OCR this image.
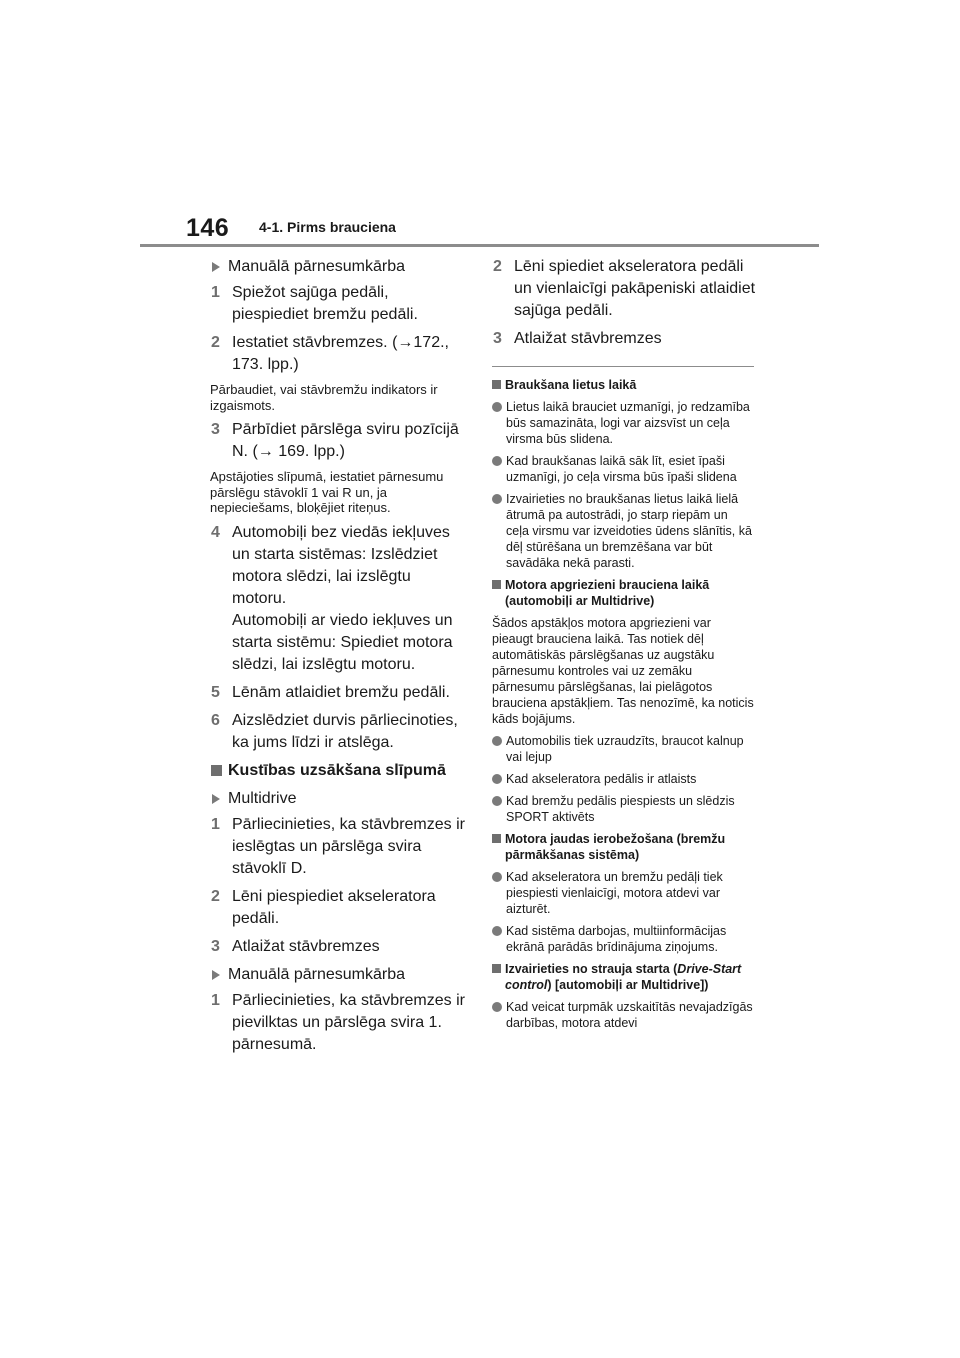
146 4-1. Pirms brauciena
Manuālā pārnesumkārba
1 Spiežot sajūga pedāli, piespiediet bremžu pedāli.
2 Iestatiet stāvbremzes. (→172., 173. lpp.)
Pārbaudiet, vai stāvbremžu indikators ir izgaismots.
3 Pārbīdiet pārslēga sviru pozīcijā N. (→ 169. lpp.)
Apstājoties slīpumā, iestatiet pārnesumu pārslēgu stāvoklī 1 vai R un, ja nepieciešams, bloķējiet riteņus.
4 Automobiļi bez viedās iekļuves un starta sistēmas: Izslēdziet motora slēdzi, lai izslēgtu motoru.
Automobiļi ar viedo iekļuves un starta sistēmu: Spiediet motora slēdzi, lai izslēgtu motoru.
5 Lēnām atlaidiet bremžu pedāli.
6 Aizslēdziet durvis pārliecinoties, ka jums līdzi ir atslēga.
Kustības uzsākšana slīpumā
Multidrive
1 Pārliecinieties, ka stāvbremzes ir ieslēgtas un pārslēga svira stāvoklī D.
2 Lēni piespiediet akseleratora pedāli.
3 Atlaižat stāvbremzes
Manuālā pārnesumkārba
1 Pārliecinieties, ka stāvbremzes ir pievilktas un pārslēga svira 1. pārnesumā.
2 Lēni spiediet akseleratora pedāli un vienlaicīgi pakāpeniski atlaidiet sajūga pedāli.
3 Atlaižat stāvbremzes
Braukšana lietus laikā
Lietus laikā brauciet uzmanīgi, jo redzamība būs samazināta, logi var aizsvīst un ceļa virsma būs slidena.
Kad braukšanas laikā sāk līt, esiet īpaši uzmanīgi, jo ceļa virsma būs īpaši slidena
Izvairieties no braukšanas lietus laikā lielā ātrumā pa autostrādi, jo starp riepām un ceļa virsmu var izveidoties ūdens slānītis, kā dēļ stūrēšana un bremzēšana var būt savādāka nekā parasti.
Motora apgriezieni brauciena laikā (automobiļi ar Multidrive)
Šādos apstākļos motora apgriezieni var pieaugt brauciena laikā. Tas notiek dēļ automātiskās pārslēgšanas uz augstāku pārnesumu kontroles vai uz zemāku pārnesumu pārslēgšanas, lai pielāgotos brauciena apstākļiem. Tas nenozīmē, ka noticis kāds bojājums.
Automobilis tiek uzraudzīts, braucot kalnup vai lejup
Kad akseleratora pedālis ir atlaists
Kad bremžu pedālis piespiests un slēdzis SPORT aktivēts
Motora jaudas ierobežošana (bremžu pārmākšanas sistēma)
Kad akseleratora un bremžu pedāļi tiek piespiesti vienlaicīgi, motora atdevi var aizturēt.
Kad sistēma darbojas, multiinformācijas ekrānā parādās brīdinājuma ziņojums.
Izvairieties no strauja starta (Drive-Start control) [automobiļi ar Multidrive])
Kad veicat turpmāk uzskaitītās nevajadzīgās darbības, motora atdevi
